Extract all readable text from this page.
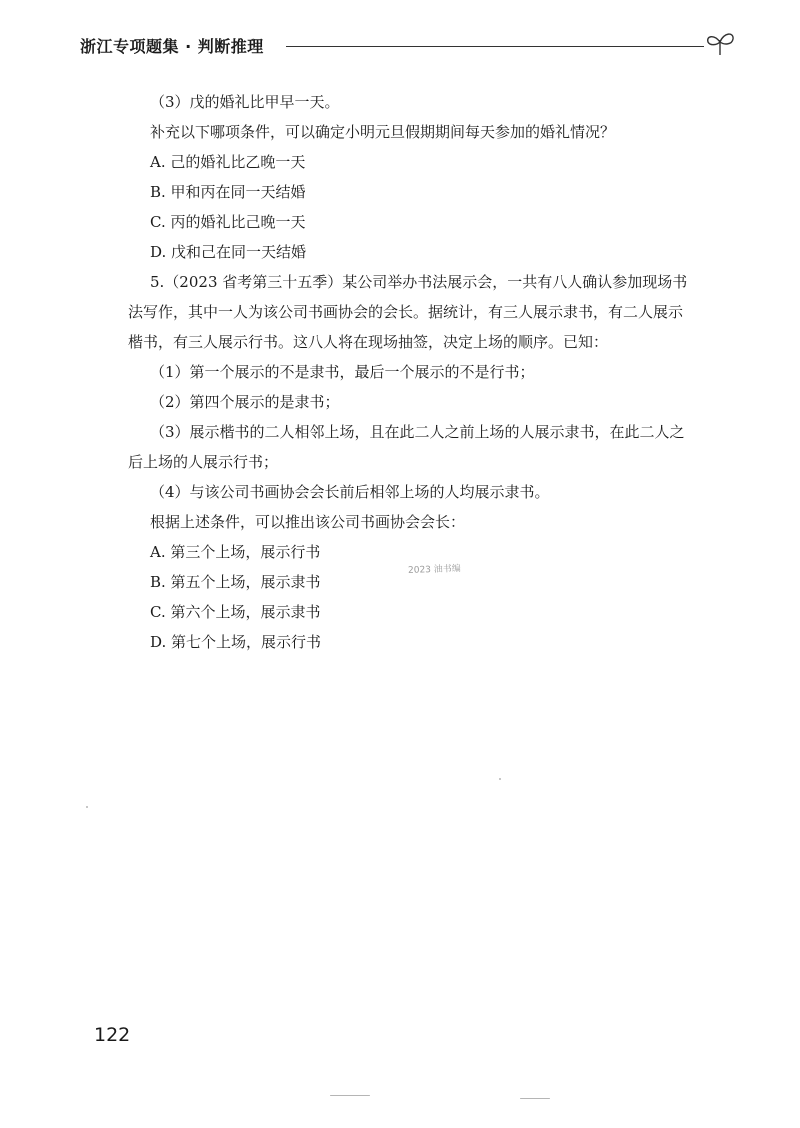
浙江专项题集 · 判断推理
（3）戊的婚礼比甲早一天。
补充以下哪项条件，可以确定小明元旦假期期间每天参加的婚礼情况？
A. 己的婚礼比乙晚一天
B. 甲和丙在同一天结婚
C. 丙的婚礼比己晚一天
D. 戊和己在同一天结婚
5.（2023 省考第三十五季）某公司举办书法展示会，一共有八人确认参加现场书
法写作，其中一人为该公司书画协会的会长。据统计，有三人展示隶书，有二人展示
楷书，有三人展示行书。这八人将在现场抽签，决定上场的顺序。已知：
（1）第一个展示的不是隶书，最后一个展示的不是行书；
（2）第四个展示的是隶书；
（3）展示楷书的二人相邻上场，且在此二人之前上场的人展示隶书，在此二人之
后上场的人展示行书；
（4）与该公司书画协会会长前后相邻上场的人均展示隶书。
根据上述条件，可以推出该公司书画协会会长：
A. 第三个上场，展示行书
B. 第五个上场，展示隶书
C. 第六个上场，展示隶书
D. 第七个上场，展示行书
2023 油书编
122
